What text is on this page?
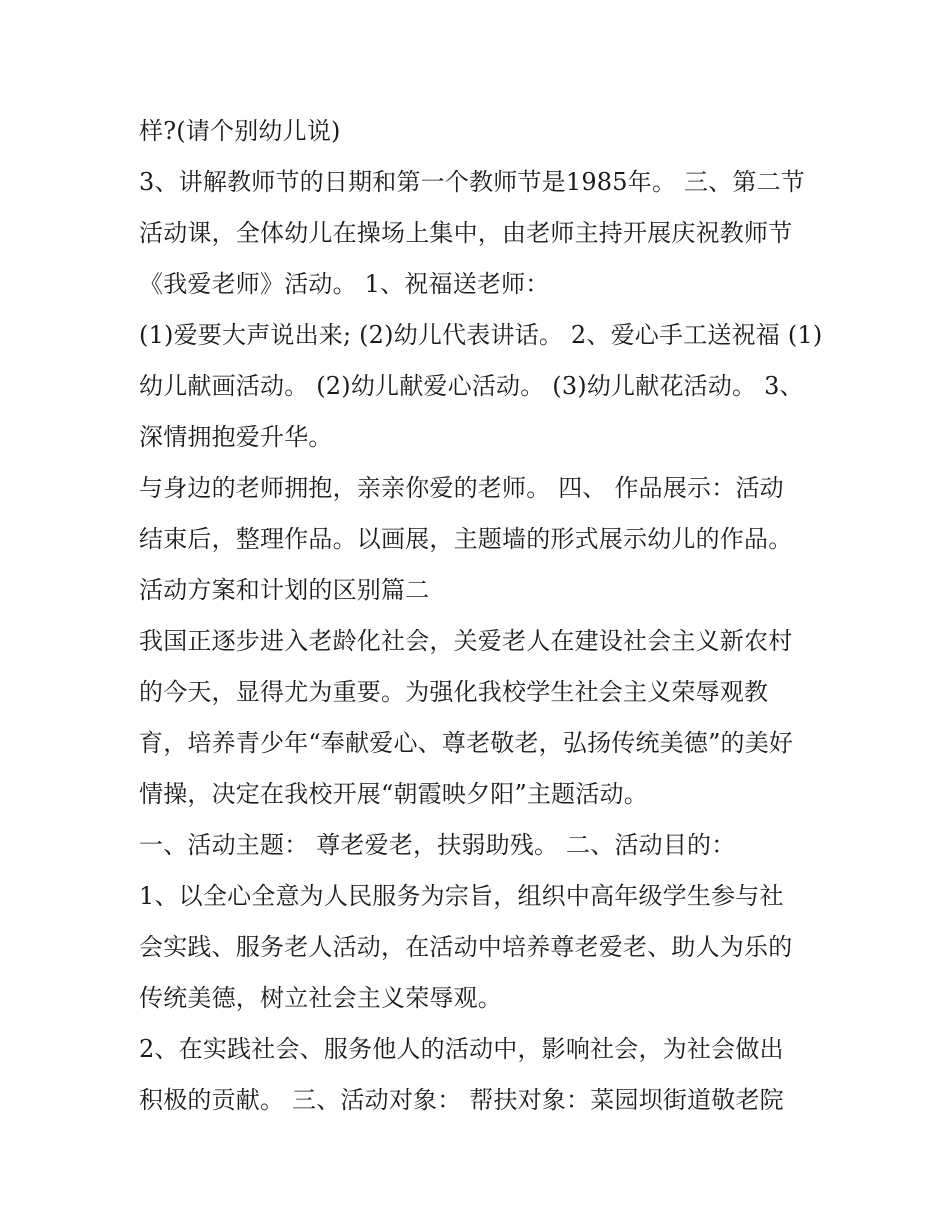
样?(请个别幼儿说)
3、讲解教师节的日期和第一个教师节是1985年。 三、第二节
活动课，全体幼儿在操场上集中，由老师主持开展庆祝教师节
《我爱老师》活动。 1、祝福送老师：
(1)爱要大声说出来; (2)幼儿代表讲话。 2、爱心手工送祝福 (1)
幼儿献画活动。 (2)幼儿献爱心活动。 (3)幼儿献花活动。 3、
深情拥抱爱升华。
与身边的老师拥抱，亲亲你爱的老师。 四、 作品展示：活动
结束后，整理作品。以画展，主题墙的形式展示幼儿的作品。
活动方案和计划的区别篇二
我国正逐步进入老龄化社会，关爱老人在建设社会主义新农村
的今天，显得尤为重要。为强化我校学生社会主义荣辱观教
育，培养青少年“奉献爱心、尊老敬老，弘扬传统美德”的美好
情操，决定在我校开展“朝霞映夕阳”主题活动。
一、活动主题： 尊老爱老，扶弱助残。 二、活动目的：
1、以全心全意为人民服务为宗旨，组织中高年级学生参与社
会实践、服务老人活动，在活动中培养尊老爱老、助人为乐的
传统美德，树立社会主义荣辱观。
2、在实践社会、服务他人的活动中，影响社会，为社会做出
积极的贡献。 三、活动对象： 帮扶对象：菜园坝街道敬老院
